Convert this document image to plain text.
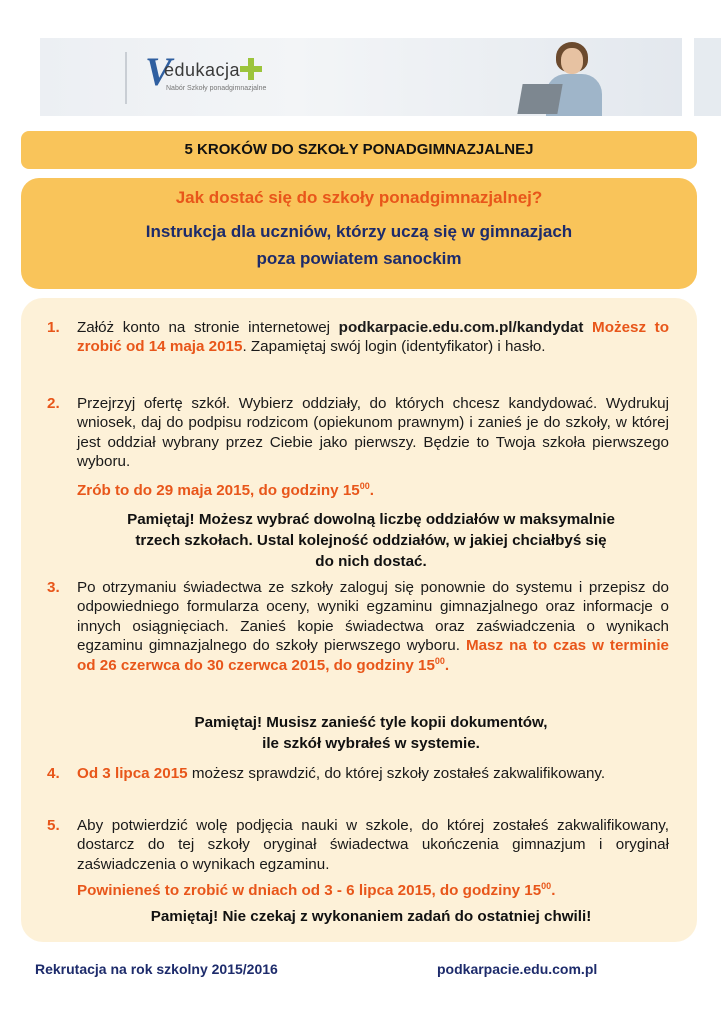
V
edukacja
Nabór Szkoły ponadgimnazjalne
5 KROKÓW DO SZKOŁY PONADGIMNAZJALNEJ
Jak dostać się do szkoły ponadgimnazjalnej?
Instrukcja dla uczniów, którzy uczą się w gimnazjach
poza powiatem sanockim
1.	Załóż konto na stronie internetowej podkarpacie.edu.com.pl/kandydat Możesz to zrobić od 14 maja 2015. Zapamiętaj swój login (identyfikator) i hasło.
2.	Przejrzyj ofertę szkół. Wybierz oddziały, do których chcesz kandydować. Wydrukuj wniosek, daj do podpisu rodzicom (opiekunom prawnym) i zanieś je do szkoły, w której jest oddział wybrany przez Ciebie jako pierwszy. Będzie to Twoja szkoła pierwszego wyboru.
Zrób to do 29 maja 2015, do godziny $15^{00}$.
Pamiętaj! Możesz wybrać dowolną liczbę oddziałów w maksymalnie
trzech szkołach. Ustal kolejność oddziałów, w jakiej chciałbyś się
do nich dostać.
3.	Po otrzymaniu świadectwa ze szkoły zaloguj się ponownie do systemu i przepisz do odpowiedniego formularza oceny, wyniki egzaminu gimnazjalnego oraz informacje o innych osiągnięciach. Zanieś kopie świadectwa oraz zaświadczenia o wynikach egzaminu gimnazjalnego do szkoły pierwszego wyboru. Masz na to czas w terminie od 26 czerwca do 30 czerwca 2015, do godziny $15^{00}$.
Pamiętaj! Musisz zanieść tyle kopii dokumentów,
ile szkół wybrałeś w systemie.
4.	Od 3 lipca 2015 możesz sprawdzić, do której szkoły zostałeś zakwalifikowany.
5.	Aby potwierdzić wolę podjęcia nauki w szkole, do której zostałeś zakwalifikowany, dostarcz do tej szkoły oryginał świadectwa ukończenia gimnazjum i oryginał zaświadczenia o wynikach egzaminu.
Powinieneś to zrobić w dniach od 3 - 6 lipca 2015, do godziny $15^{00}$.
Pamiętaj! Nie czekaj z wykonaniem zadań do ostatniej chwili!
Rekrutacja na rok szkolny 2015/2016	podkarpacie.edu.com.pl
